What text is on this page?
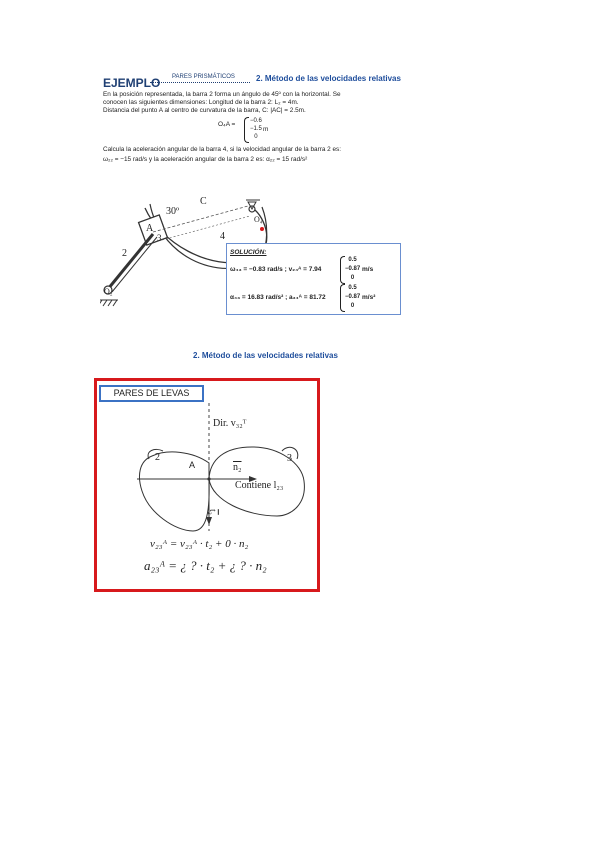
EJEMPLO PARES PRISMÁTICOS	2. Método de las velocidades relativas
En la posición representada, la barra 2 forma un ángulo de 45º con la horizontal. Se
conocen las siguientes dimensiones: Longitud de la barra 2: L₂ = 4m.
Distancia del punto A al centro de curvatura de la barra, C: |AC| = 2.5m.
O₄A = −0.6
−1.5
0
m
Calcula la aceleración angular de la barra 4, si la velocidad angular de la barra 2 es:
ω₂₂ = −15 rad/s y la aceleración angular de la barra 2 es: α₂₂ = 15 rad/s²
30º
C
O₄
A
3	4
2
O₂
SOLUCIÓN:
ω₄₃ = −0.83 rad/s ; v₂₄ᴬ = 7.94
0.5
−0.87
0
m/s
α₄₃ = 16.83 rad/s² ; a₃₄ᴬ = 81.72
0.5
−0.87
0
m/s²
2. Método de las velocidades relativas
PARES DE LEVAS
Dir. v₃₂ᵀ
2	3
A	n₂
Contiene l₂₃
t₂
v₂₃ᴬ = v₂₃ᴬ · t₂ + 0 · n₂
a₂₃ᴬ = ¿ ? · t₂ + ¿ ? · n₂
